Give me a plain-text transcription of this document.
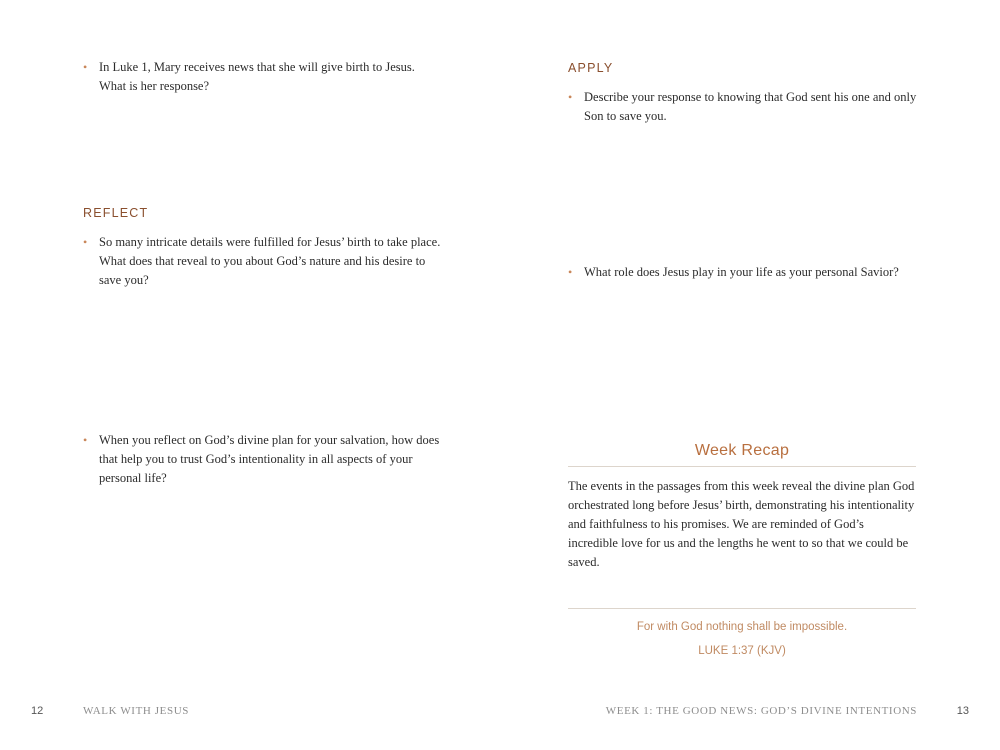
• In Luke 1, Mary receives news that she will give birth to Jesus. What is her response?
REFLECT
• So many intricate details were fulfilled for Jesus’ birth to take place. What does that reveal to you about God’s nature and his desire to save you?
• When you reflect on God’s divine plan for your salvation, how does that help you to trust God’s intentionality in all aspects of your personal life?
12	WALK WITH JESUS
APPLY
• Describe your response to knowing that God sent his one and only Son to save you.
• What role does Jesus play in your life as your personal Savior?
Week Recap
The events in the passages from this week reveal the divine plan God orchestrated long before Jesus’ birth, demonstrating his intentionality and faithfulness to his promises. We are reminded of God’s incredible love for us and the lengths he went to so that we could be saved.
For with God nothing shall be impossible.
LUKE 1:37 (KJV)
WEEK 1: THE GOOD NEWS: GOD’S DIVINE INTENTIONS	13
